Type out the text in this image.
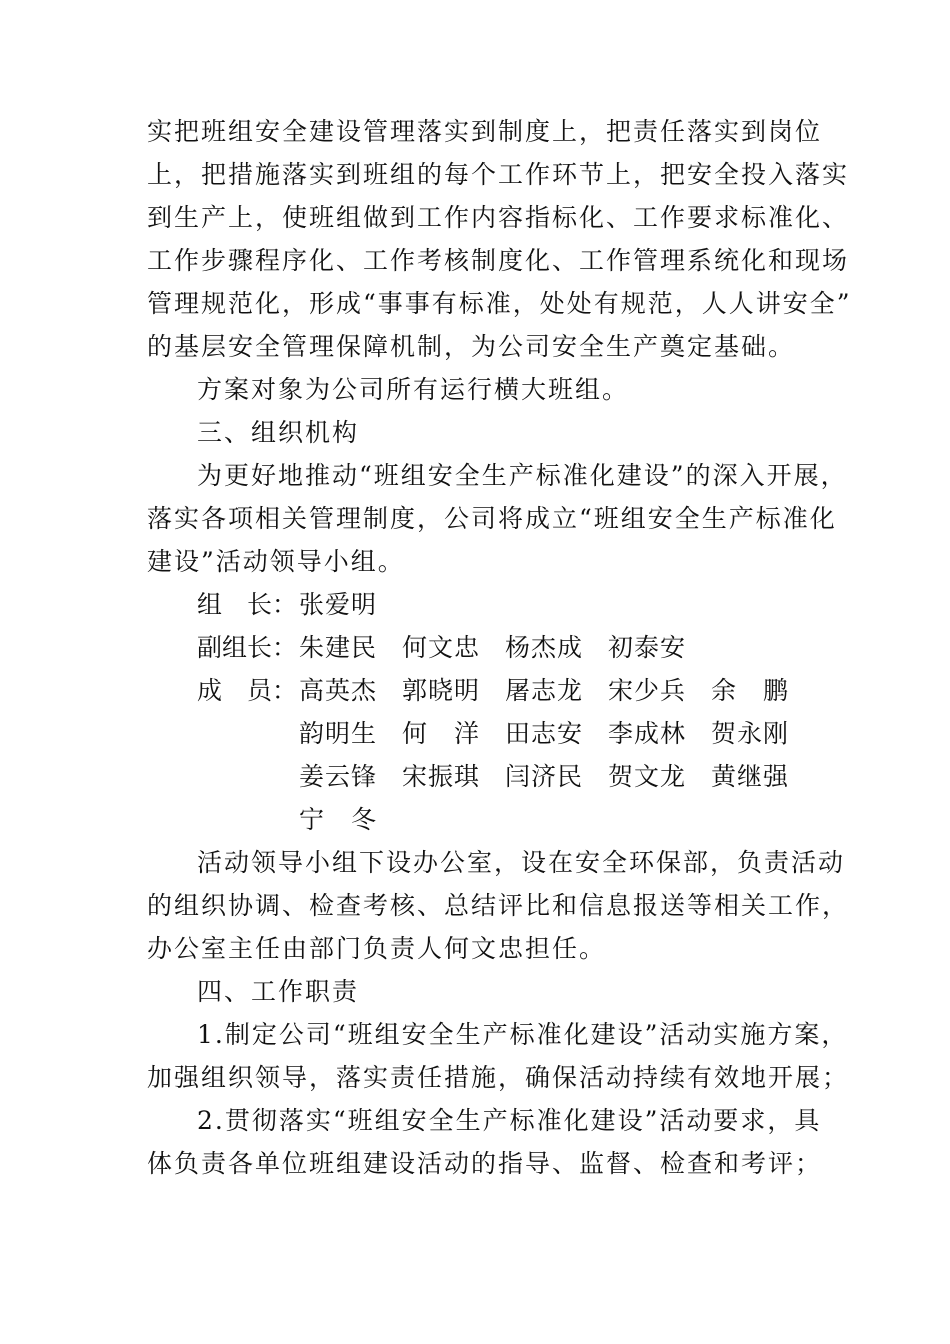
实把班组安全建设管理落实到制度上，把责任落实到岗位
上，把措施落实到班组的每个工作环节上，把安全投入落实
到生产上，使班组做到工作内容指标化、工作要求标准化、
工作步骤程序化、工作考核制度化、工作管理系统化和现场
管理规范化，形成“事事有标准，处处有规范，人人讲安全”
的基层安全管理保障机制，为公司安全生产奠定基础。
方案对象为公司所有运行横大班组。
三、组织机构
为更好地推动“班组安全生产标准化建设”的深入开展，
落实各项相关管理制度，公司将成立“班组安全生产标准化
建设”活动领导小组。
组　长： 张爱明
副组长： 朱建民 何文忠 杨杰成 初泰安
成　员： 高英杰 郭晓明 屠志龙 宋少兵 余　鹏
韵明生 何　洋 田志安 李成林 贺永刚
姜云锋 宋振琪 闫济民 贺文龙 黄继强
宁　冬
活动领导小组下设办公室，设在安全环保部，负责活动
的组织协调、检查考核、总结评比和信息报送等相关工作，
办公室主任由部门负责人何文忠担任。
四、工作职责
1.制定公司“班组安全生产标准化建设”活动实施方案，
加强组织领导，落实责任措施，确保活动持续有效地开展；
2.贯彻落实“班组安全生产标准化建设”活动要求，具
体负责各单位班组建设活动的指导、监督、检查和考评；
